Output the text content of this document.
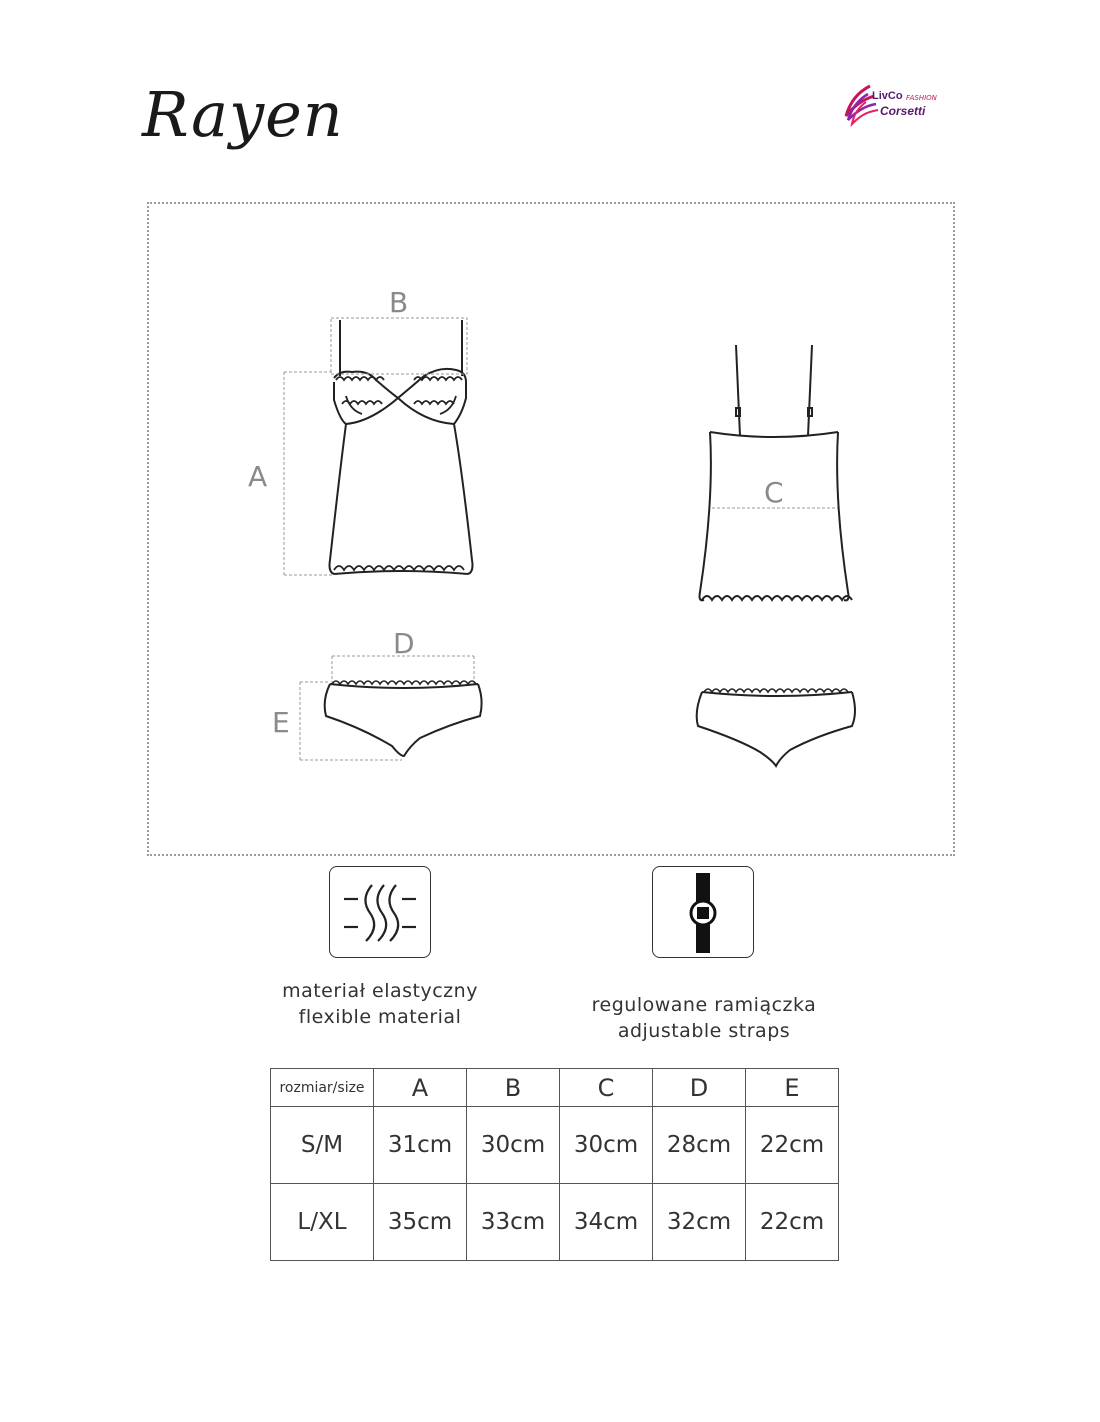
Rayen	LivCo FASHION
Corsetti
B
A	C
D
E
materiał elastyczny
flexible material
regulowane ramiączka
adjustable straps
rozmiar/size	A	B	C	D	E
S/M	31cm	30cm	30cm	28cm	22cm
L/XL	35cm	33cm	34cm	32cm	22cm
